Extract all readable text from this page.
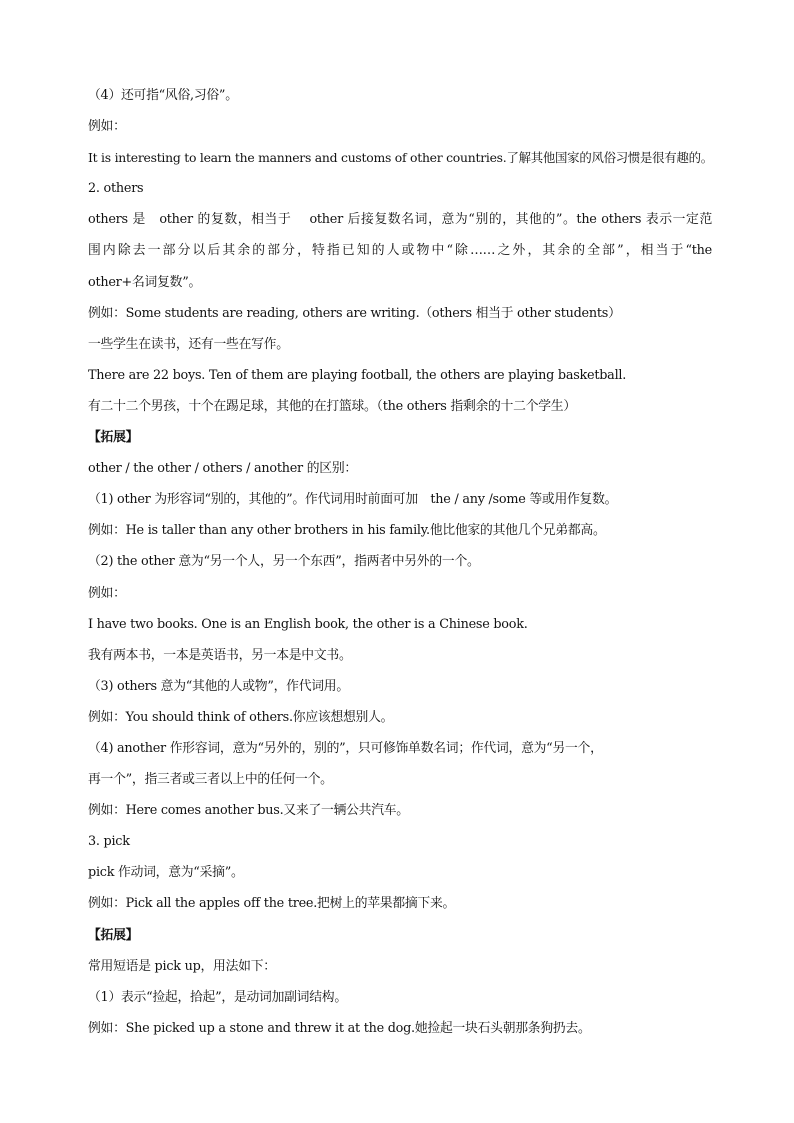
（4）还可指“风俗,习俗”。
例如：
It is interesting to learn the manners and customs of other countries.了解其他国家的风俗习惯是很有趣的。
2. others
others 是　other 的复数，相当于　 other 后接复数名词，意为“别的，其他的”。the others 表示一定范
围内除去一部分以后其余的部分，特指已知的人或物中“除……之外，其余的全部”，相当于“the
other+名词复数”。
例如：Some students are reading, others are writing.（others 相当于 other students）
一些学生在读书，还有一些在写作。
There are 22 boys. Ten of them are playing football, the others are playing basketball.
有二十二个男孩，十个在踢足球，其他的在打篮球。（the others 指剩余的十二个学生）
【拓展】
other / the other / others / another 的区别：
（1) other 为形容词“别的，其他的”。作代词用时前面可加　the / any /some 等或用作复数。
例如：He is taller than any other brothers in his family.他比他家的其他几个兄弟都高。
（2) the other 意为“另一个人，另一个东西”，指两者中另外的一个。
例如：
I have two books. One is an English book, the other is a Chinese book.
我有两本书，一本是英语书，另一本是中文书。
（3) others 意为“其他的人或物”，作代词用。
例如：You should think of others.你应该想想别人。
（4) another 作形容词，意为“另外的，别的”，只可修饰单数名词；作代词，意为“另一个，
再一个”，指三者或三者以上中的任何一个。
例如：Here comes another bus.又来了一辆公共汽车。
3. pick
pick 作动词，意为“采摘”。
例如：Pick all the apples off the tree.把树上的苹果都摘下来。
【拓展】
常用短语是 pick up，用法如下：
（1）表示“捡起，拾起”，是动词加副词结构。
例如：She picked up a stone and threw it at the dog.她捡起一块石头朝那条狗扔去。
